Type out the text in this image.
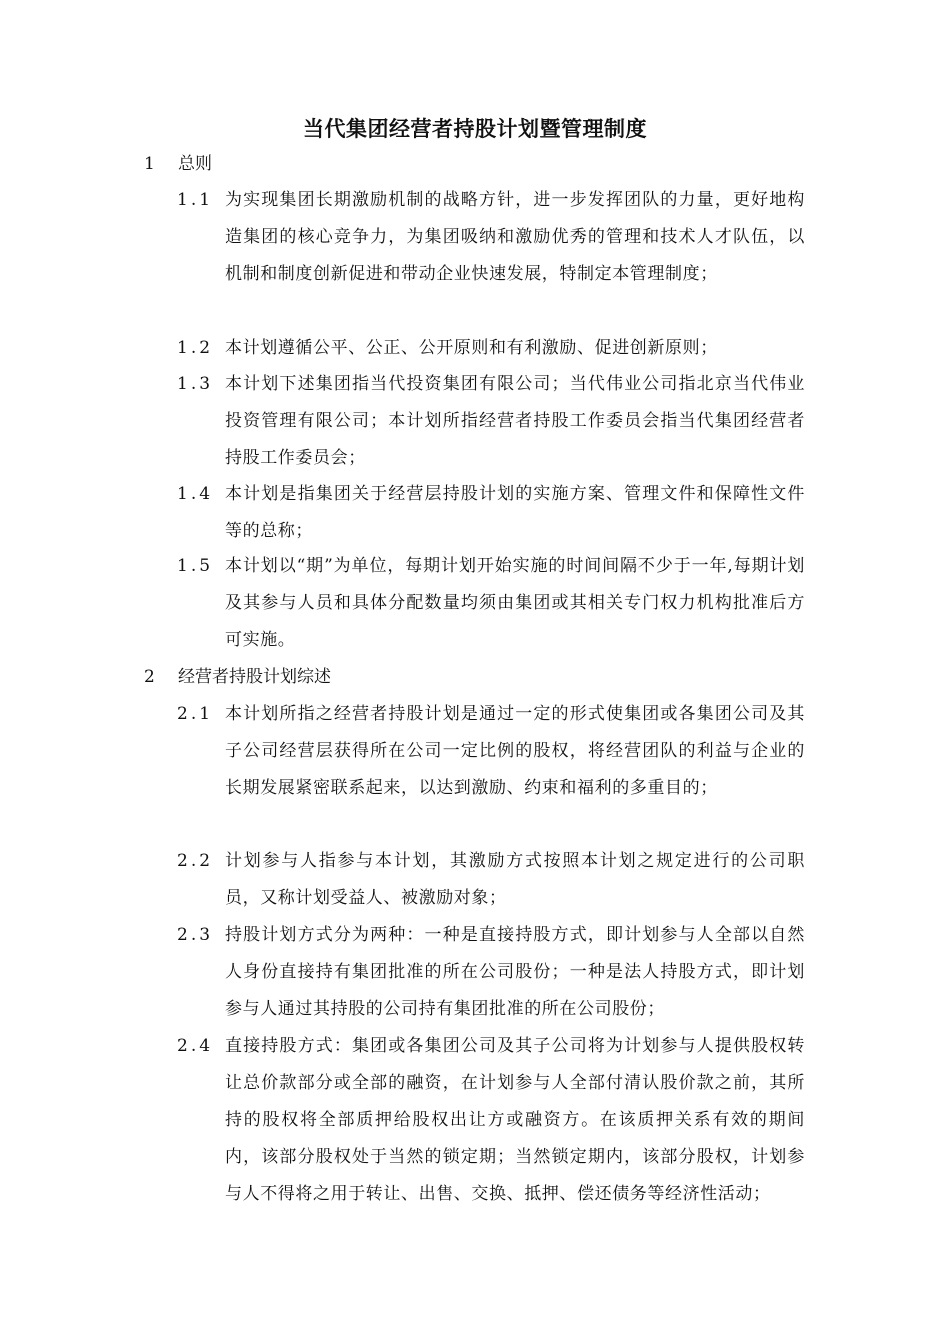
当代集团经营者持股计划暨管理制度
1 总则
1.1 为实现集团长期激励机制的战略方针，进一步发挥团队的力量，更好地构造集团的核心竞争力，为集团吸纳和激励优秀的管理和技术人才队伍，以机制和制度创新促进和带动企业快速发展，特制定本管理制度；
1.2 本计划遵循公平、公正、公开原则和有利激励、促进创新原则；
1.3 本计划下述集团指当代投资集团有限公司；当代伟业公司指北京当代伟业投资管理有限公司；本计划所指经营者持股工作委员会指当代集团经营者持股工作委员会；
1.4 本计划是指集团关于经营层持股计划的实施方案、管理文件和保障性文件等的总称；
1.5 本计划以“期”为单位，每期计划开始实施的时间间隔不少于一年,每期计划及其参与人员和具体分配数量均须由集团或其相关专门权力机构批准后方可实施。
2 经营者持股计划综述
2.1 本计划所指之经营者持股计划是通过一定的形式使集团或各集团公司及其子公司经营层获得所在公司一定比例的股权，将经营团队的利益与企业的长期发展紧密联系起来，以达到激励、约束和福利的多重目的；
2.2 计划参与人指参与本计划，其激励方式按照本计划之规定进行的公司职员，又称计划受益人、被激励对象；
2.3 持股计划方式分为两种：一种是直接持股方式，即计划参与人全部以自然人身份直接持有集团批准的所在公司股份；一种是法人持股方式，即计划参与人通过其持股的公司持有集团批准的所在公司股份；
2.4 直接持股方式：集团或各集团公司及其子公司将为计划参与人提供股权转让总价款部分或全部的融资，在计划参与人全部付清认股价款之前，其所持的股权将全部质押给股权出让方或融资方。在该质押关系有效的期间内，该部分股权处于当然的锁定期；当然锁定期内，该部分股权，计划参与人不得将之用于转让、出售、交换、抵押、偿还债务等经济性活动；
